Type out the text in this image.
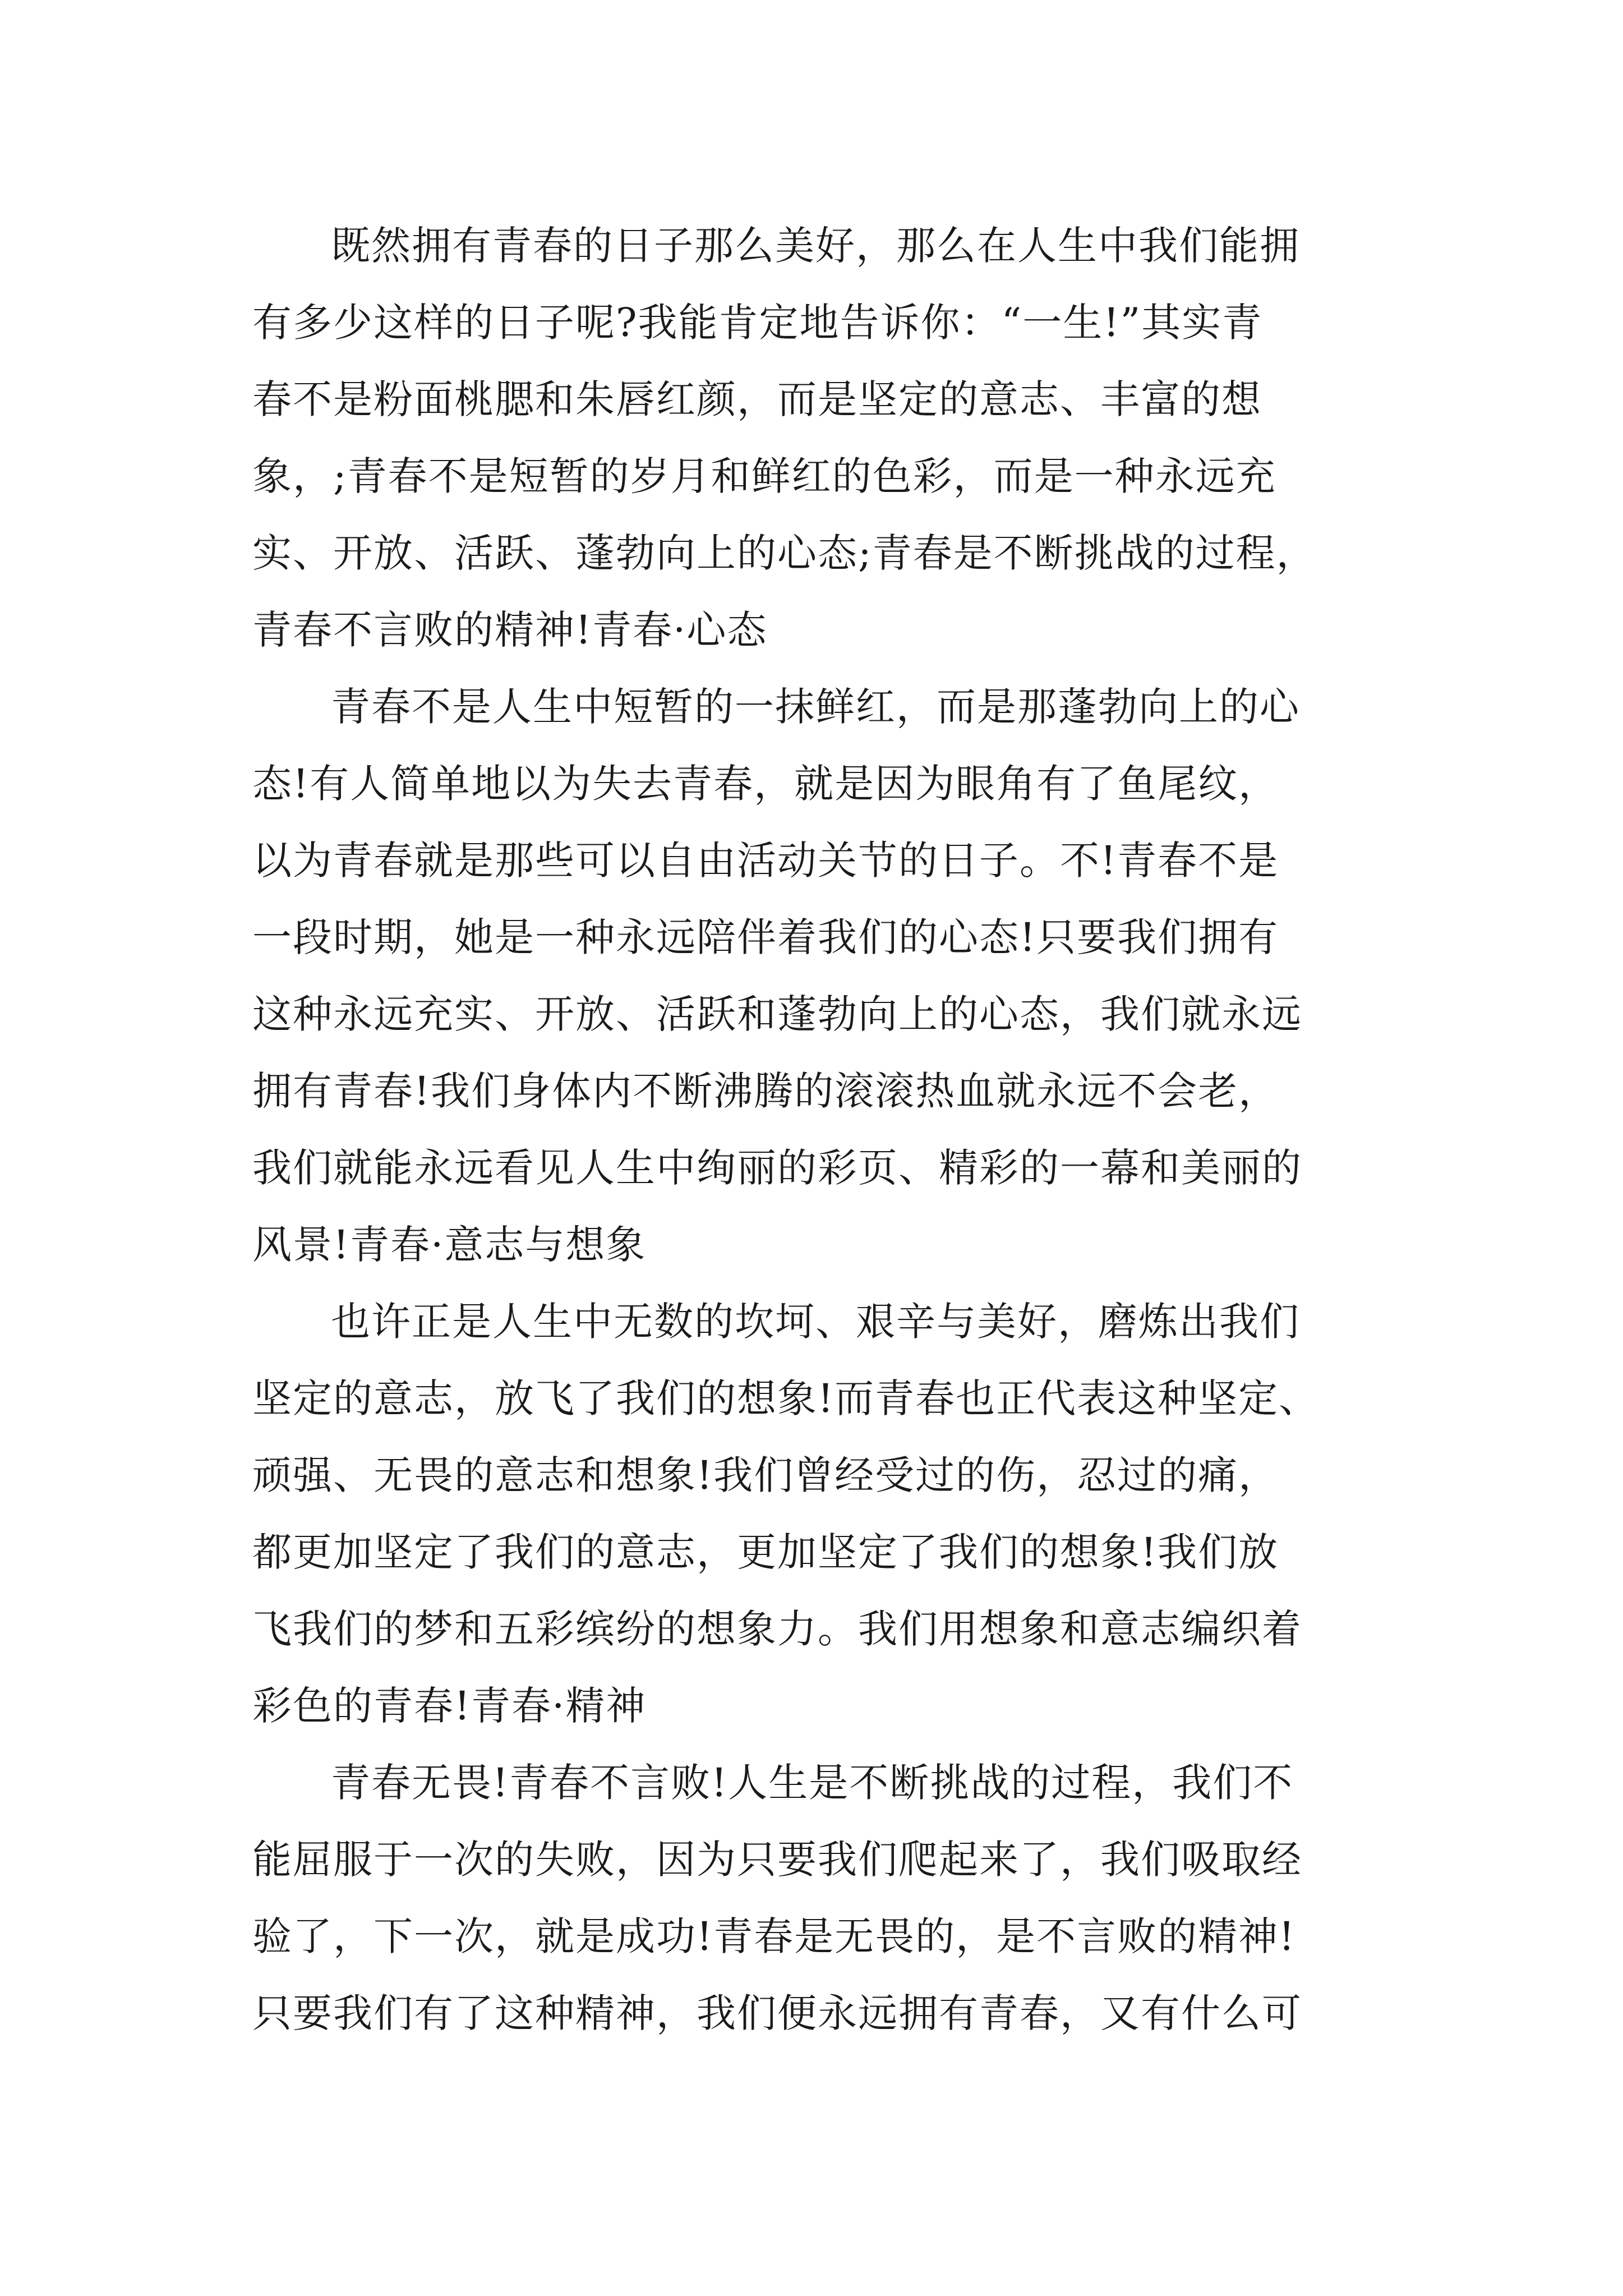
既然拥有青春的日子那么美好，那么在人生中我们能拥
有多少这样的日子呢?我能肯定地告诉你：“一生!”其实青
春不是粉面桃腮和朱唇红颜，而是坚定的意志、丰富的想
象，;青春不是短暂的岁月和鲜红的色彩，而是一种永远充
实、开放、活跃、蓬勃向上的心态;青春是不断挑战的过程，
青春不言败的精神!青春·心态
青春不是人生中短暂的一抹鲜红，而是那蓬勃向上的心
态!有人简单地以为失去青春，就是因为眼角有了鱼尾纹，
以为青春就是那些可以自由活动关节的日子。不!青春不是
一段时期，她是一种永远陪伴着我们的心态!只要我们拥有
这种永远充实、开放、活跃和蓬勃向上的心态，我们就永远
拥有青春!我们身体内不断沸腾的滚滚热血就永远不会老，
我们就能永远看见人生中绚丽的彩页、精彩的一幕和美丽的
风景!青春·意志与想象
也许正是人生中无数的坎坷、艰辛与美好，磨炼出我们
坚定的意志，放飞了我们的想象!而青春也正代表这种坚定、
顽强、无畏的意志和想象!我们曾经受过的伤，忍过的痛，
都更加坚定了我们的意志，更加坚定了我们的想象!我们放
飞我们的梦和五彩缤纷的想象力。我们用想象和意志编织着
彩色的青春!青春·精神
青春无畏!青春不言败!人生是不断挑战的过程，我们不
能屈服于一次的失败，因为只要我们爬起来了，我们吸取经
验了，下一次，就是成功!青春是无畏的，是不言败的精神!
只要我们有了这种精神，我们便永远拥有青春，又有什么可
